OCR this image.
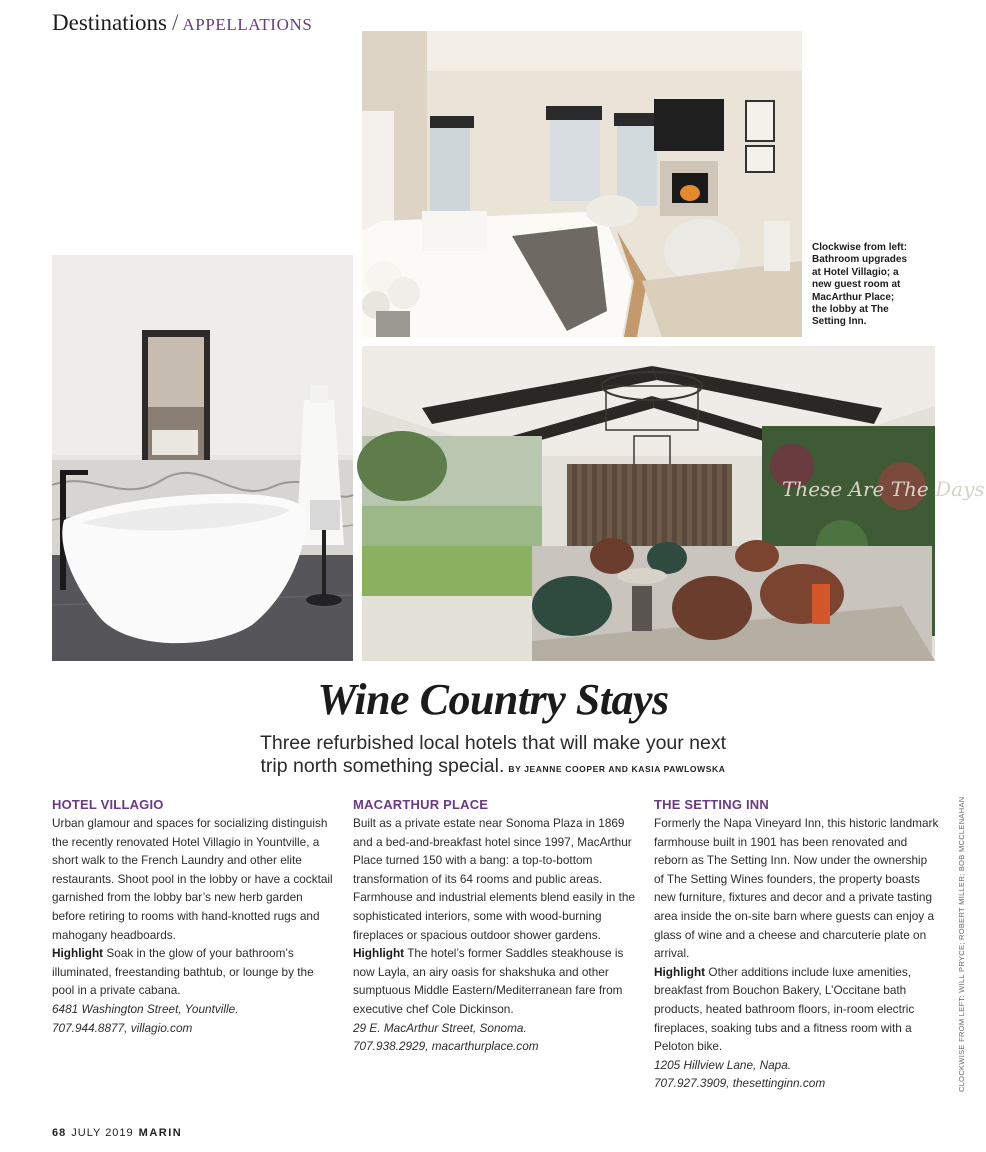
Destinations / APPELLATIONS
Clockwise from left: Bathroom upgrades at Hotel Villagio; a new guest room at MacArthur Place; the lobby at The Setting Inn.
These Are The Days
Wine Country Stays
Three refurbished local hotels that will make your next
trip north something special. BY JEANNE COOPER AND KASIA PAWLOWSKA
HOTEL VILLAGIO

Urban glamour and spaces for socializing distinguish the recently renovated Hotel Villagio in Yountville, a short walk to the French Laundry and other elite restaurants. Shoot pool in the lobby or have a cocktail garnished from the lobby bar’s new herb garden before retiring to rooms with hand-knotted rugs and mahogany headboards.

Highlight Soak in the glow of your bathroom’s illuminated, freestanding bathtub, or lounge by the pool in a private cabana.

6481 Washington Street, Yountville.

707.944.8877, villagio.com

MACARTHUR PLACE

Built as a private estate near Sonoma Plaza in 1869 and a bed-and-breakfast hotel since 1997, MacArthur Place turned 150 with a bang: a top-to-bottom transformation of its 64 rooms and public areas. Farmhouse and industrial elements blend easily in the sophisticated interiors, some with wood-burning fireplaces or spacious outdoor shower gardens.

Highlight The hotel’s former Saddles steakhouse is now Layla, an airy oasis for shakshuka and other sumptuous Middle Eastern/Mediterranean fare from executive chef Cole Dickinson.

29 E. MacArthur Street, Sonoma.

707.938.2929, macarthurplace.com

THE SETTING INN

Formerly the Napa Vineyard Inn, this historic landmark farmhouse built in 1901 has been renovated and reborn as The Setting Inn. Now under the ownership of The Setting Wines founders, the property boasts new furniture, fixtures and decor and a private tasting area inside the on-site barn where guests can enjoy a glass of wine and a cheese and charcuterie plate on arrival.

Highlight Other additions include luxe amenities, breakfast from Bouchon Bakery, L’Occitane bath products, heated bathroom floors, in-room electric fireplaces, soaking tubs and a fitness room with a Peloton bike.

1205 Hillview Lane, Napa.

707.927.3909, thesettinginn.com	CLOCKWISE FROM LEFT: WILL PRYCE; ROBERT MILLER; BOB MCCLENAHAN
68 JULY 2019 MARIN
